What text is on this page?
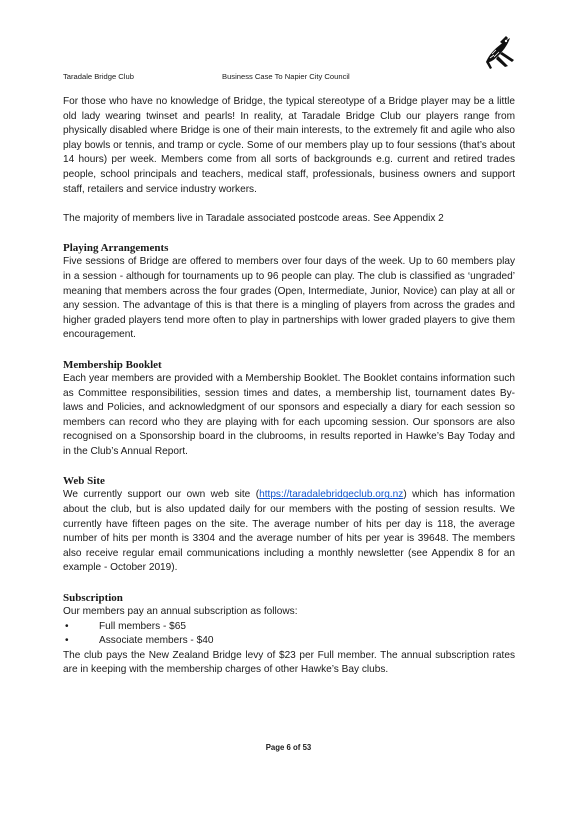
Taradale Bridge Club	Business Case To Napier City Council

For those who have no knowledge of Bridge, the typical stereotype of a Bridge player may be a little old lady wearing twinset and pearls! In reality, at Taradale Bridge Club our players range from physically disabled where Bridge is one of their main interests, to the extremely fit and agile who also play bowls or tennis, and tramp or cycle. Some of our members play up to four sessions (that’s about 14 hours) per week. Members come from all sorts of backgrounds e.g. current and retired trades people, school principals and teachers, medical staff, professionals, business owners and support staff, retailers and service industry workers.

The majority of members live in Taradale associated postcode areas. See Appendix 2

Playing Arrangements

Five sessions of Bridge are offered to members over four days of the week. Up to 60 members play in a session - although for tournaments up to 96 people can play. The club is classified as ‘ungraded’ meaning that members across the four grades (Open, Intermediate, Junior, Novice) can play at all or any session. The advantage of this is that there is a mingling of players from across the grades and higher graded players tend more often to play in partnerships with lower graded players to give them encouragement.

Membership Booklet

Each year members are provided with a Membership Booklet. The Booklet contains information such as Committee responsibilities, session times and dates, a membership list, tournament dates By-laws and Policies, and acknowledgment of our sponsors and especially a diary for each session so members can record who they are playing with for each upcoming session. Our sponsors are also recognised on a Sponsorship board in the clubrooms, in results reported in Hawke’s Bay Today and in the Club’s Annual Report.

Web Site

We currently support our own web site (https://taradalebridgeclub.org.nz) which has information about the club, but is also updated daily for our members with the posting of session results. We currently have fifteen pages on the site. The average number of hits per day is 118, the average number of hits per month is 3304 and the average number of hits per year is 39648. The members also receive regular email communications including a monthly newsletter (see Appendix 8 for an example - October 2019).

Subscription

Our members pay an annual subscription as follows:

•	Full members - $65
•	Associate members - $40

The club pays the New Zealand Bridge levy of $23 per Full member. The annual subscription rates are in keeping with the membership charges of other Hawke’s Bay clubs.

Page 6 of 53
